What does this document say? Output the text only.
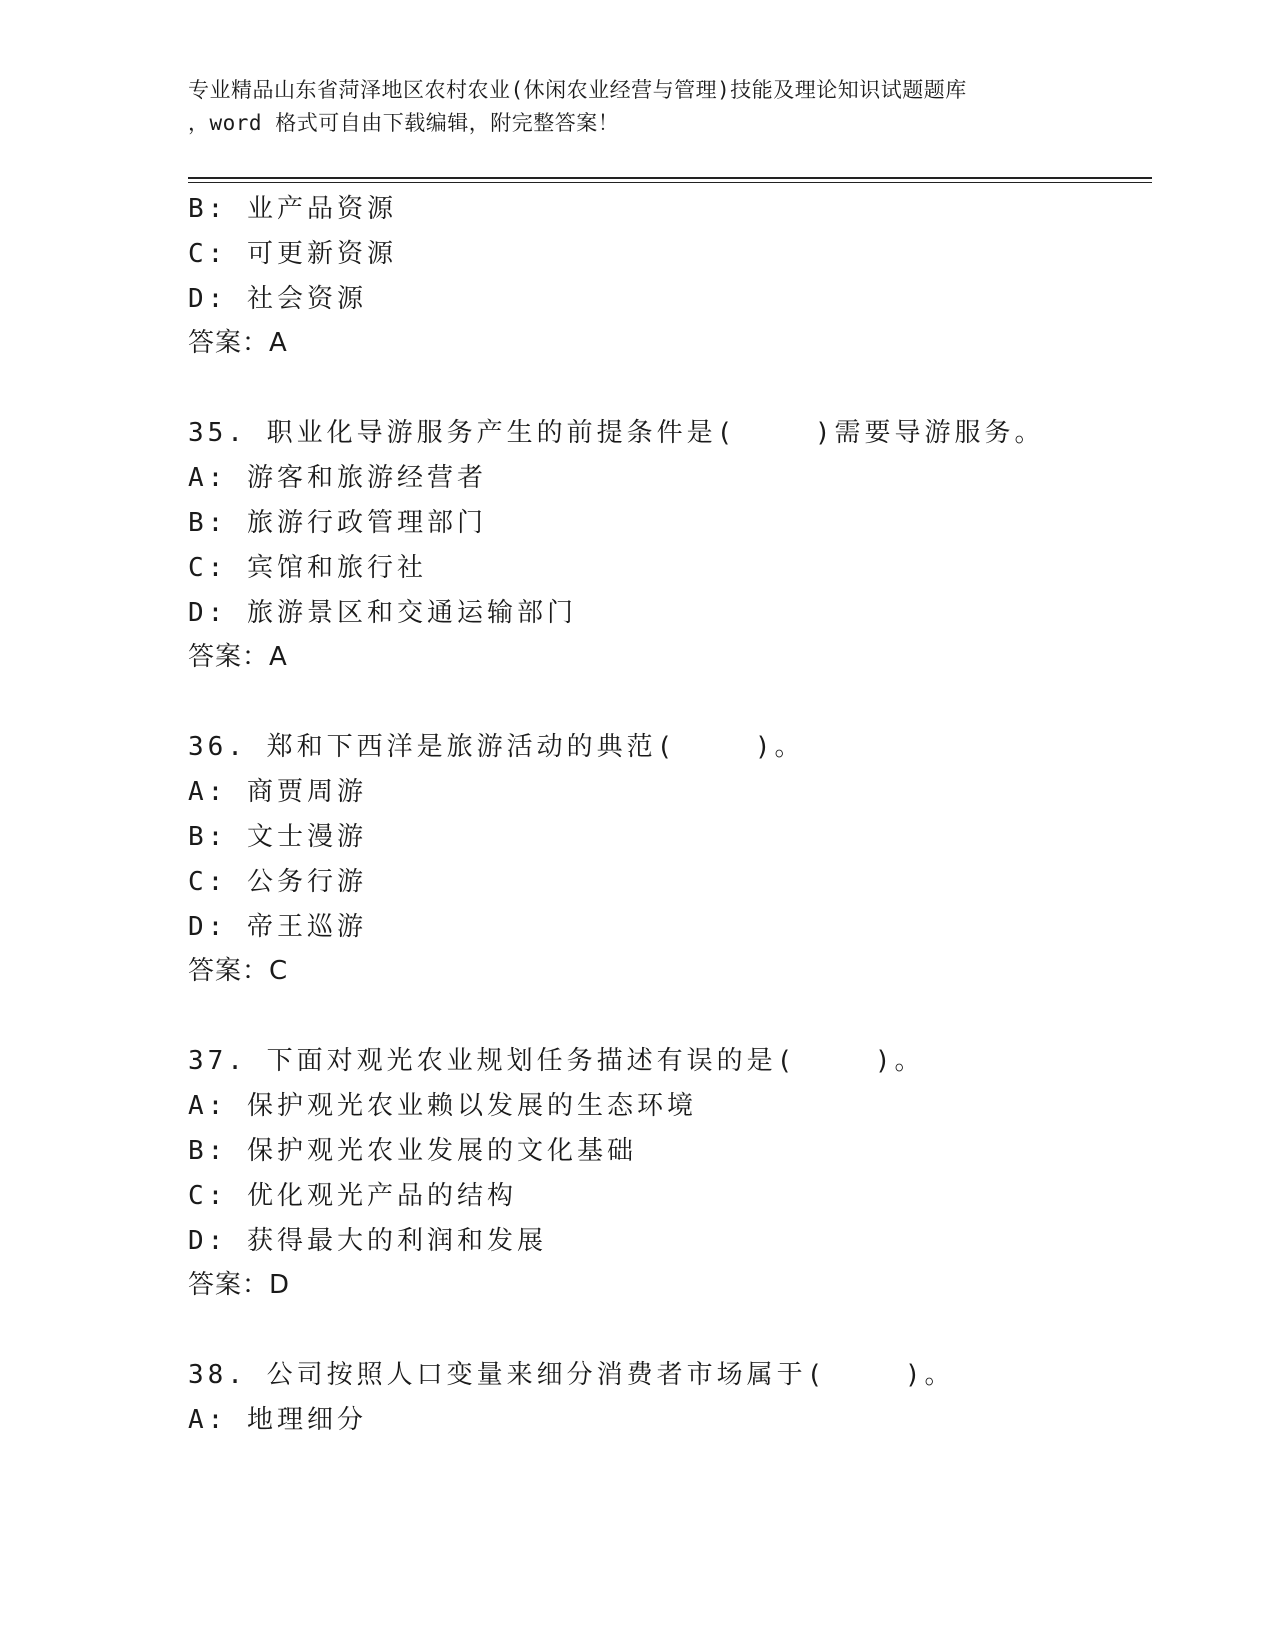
专业精品山东省菏泽地区农村农业(休闲农业经营与管理)技能及理论知识试题题库
，word 格式可自由下载编辑，附完整答案！
B: 业产品资源
C: 可更新资源
D: 社会资源
答案：A
35. 职业化导游服务产生的前提条件是(    )需要导游服务。
A: 游客和旅游经营者
B: 旅游行政管理部门
C: 宾馆和旅行社
D: 旅游景区和交通运输部门
答案：A
36. 郑和下西洋是旅游活动的典范(    )。
A: 商贾周游
B: 文士漫游
C: 公务行游
D: 帝王巡游
答案：C
37. 下面对观光农业规划任务描述有误的是(    )。
A: 保护观光农业赖以发展的生态环境
B: 保护观光农业发展的文化基础
C: 优化观光产品的结构
D: 获得最大的利润和发展
答案：D
38. 公司按照人口变量来细分消费者市场属于(    )。
A: 地理细分
